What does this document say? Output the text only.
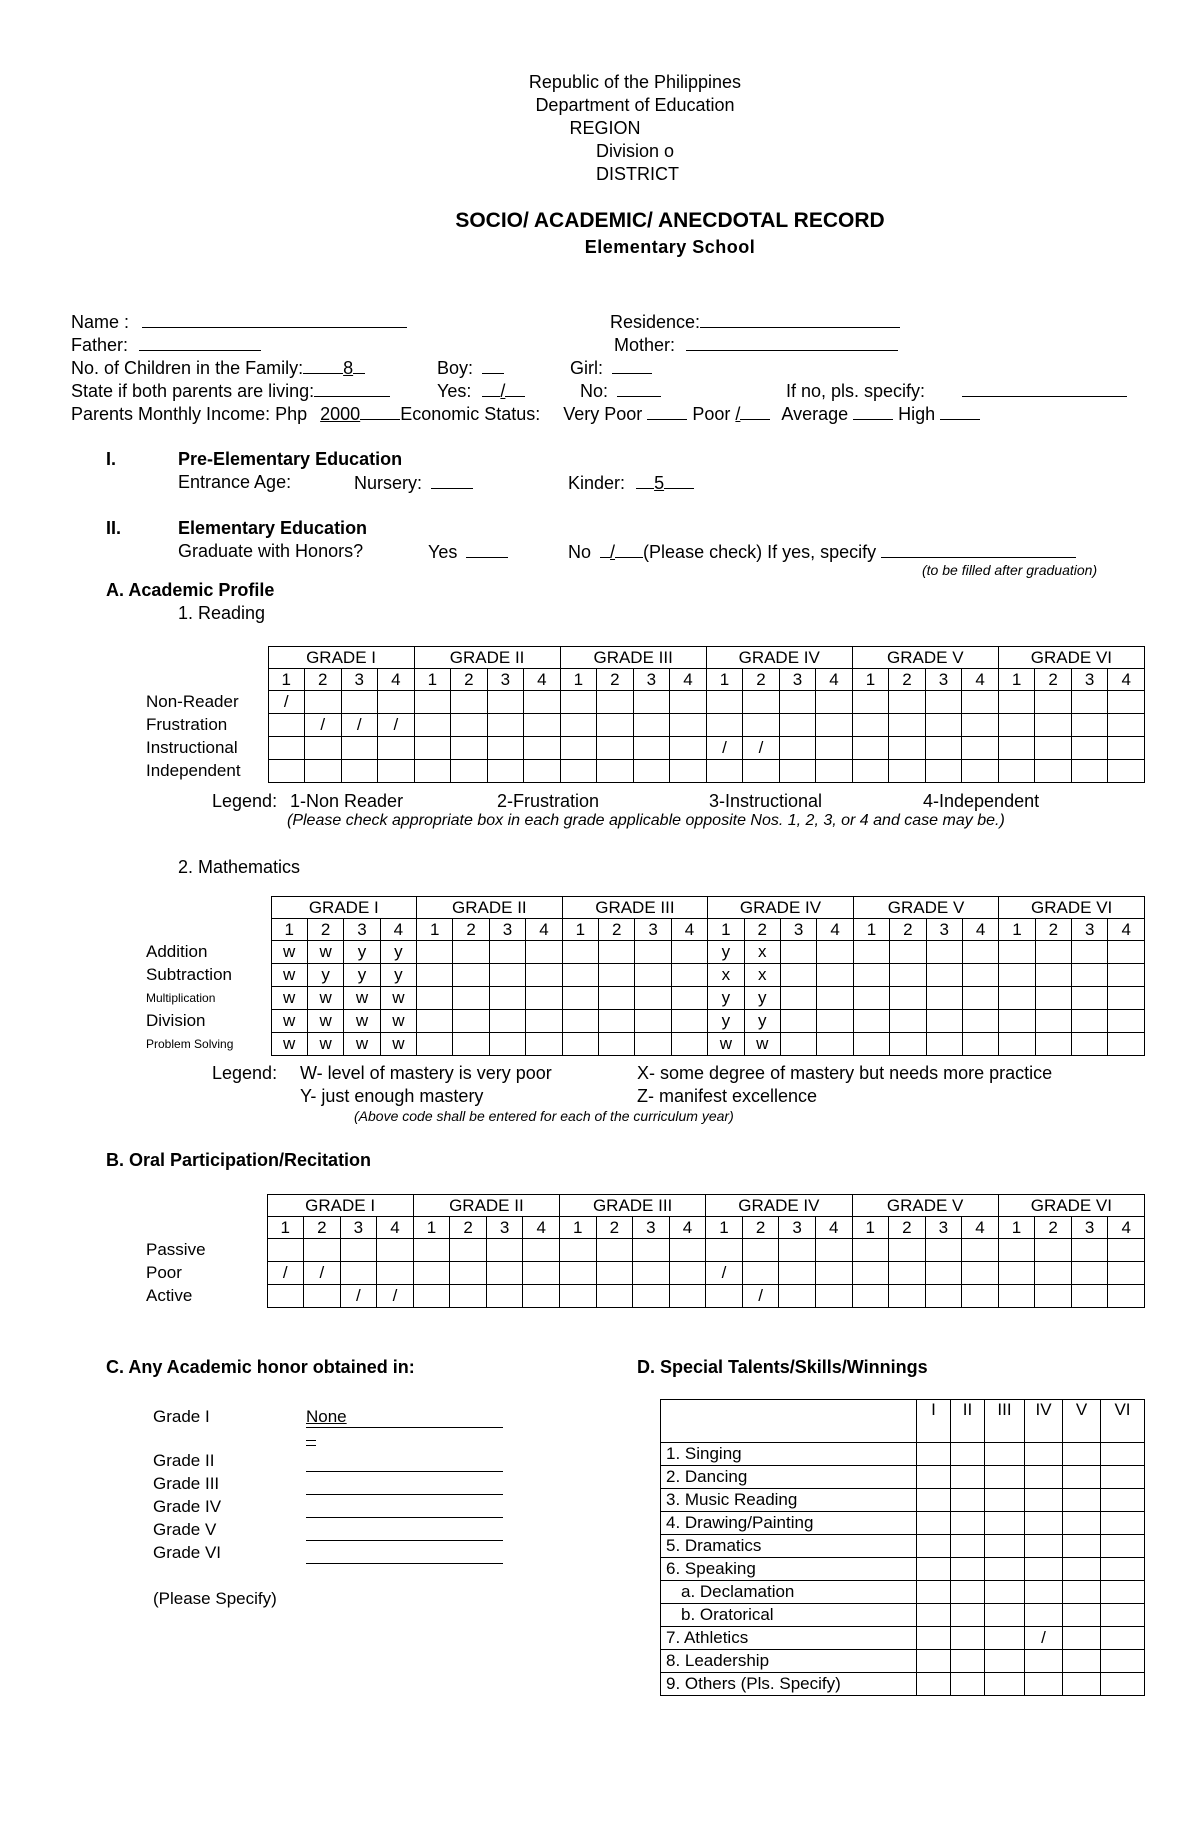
Republic of the Philippines
Department of Education
REGION
Division o
DISTRICT
SOCIO/ ACADEMIC/ ANECDOTAL RECORD
Elementary School
Name :	Residence:
Father:	Mother:
No. of Children in the Family: 8	Boy:	Girl:
State if both parents are living:	Yes: /	No:	If no, pls. specify:
Parents Monthly Income: Php 2000 Economic Status: Very Poor	Poor / Average	High
I.	Pre-Elementary Education
Entrance Age:	Nursery:	Kinder: 5
II.	Elementary Education
Graduate with Honors?	Yes	No / (Please check) If yes, specify
(to be filled after graduation)
A. Academic Profile
1. Reading
	GRADE I				GRADE II				GRADE III				GRADE IV				GRADE V				GRADE VI			
	1	2	3	4	1	2	3	4	1	2	3	4	1	2	3	4	1	2	3	4	1	2	3	4
Non-Reader	/																							
Frustration		/	/	/																				
Instructional													/	/										
Independent																								
Legend: 1-Non Reader	2-Frustration	3-Instructional	4-Independent
(Please check appropriate box in each grade applicable opposite Nos. 1, 2, 3, or 4 and case may be.)
2. Mathematics
	GRADE I				GRADE II				GRADE III				GRADE IV				GRADE V				GRADE VI			
	1	2	3	4	1	2	3	4	1	2	3	4	1	2	3	4	1	2	3	4	1	2	3	4
Addition	w	w	y	y									y	x										
Subtraction	w	y	y	y									x	x										
Multiplication	w	w	w	w									y	y										
Division	w	w	w	w									y	y										
Problem Solving	w	w	w	w									w	w										
Legend: W- level of mastery is very poor	X- some degree of mastery but needs more practice
Y- just enough mastery	Z- manifest excellence
(Above code shall be entered for each of the curriculum year)
B. Oral Participation/Recitation
	GRADE I				GRADE II				GRADE III				GRADE IV				GRADE V				GRADE VI			
	1	2	3	4	1	2	3	4	1	2	3	4	1	2	3	4	1	2	3	4	1	2	3	4
Passive																								
Poor	/	/											/											
Active			/	/										/										
C. Any Academic honor obtained in:
Grade I	None
Grade II
Grade III
Grade IV
Grade V
Grade VI
(Please Specify)
D. Special Talents/Skills/Winnings
	I	II	III	IV	V	VI
1. Singing						
2. Dancing						
3. Music Reading						
4. Drawing/Painting						
5. Dramatics						
6. Speaking						
a. Declamation						
b. Oratorical						
7. Athletics				/		
8. Leadership						
9. Others (Pls. Specify)						
